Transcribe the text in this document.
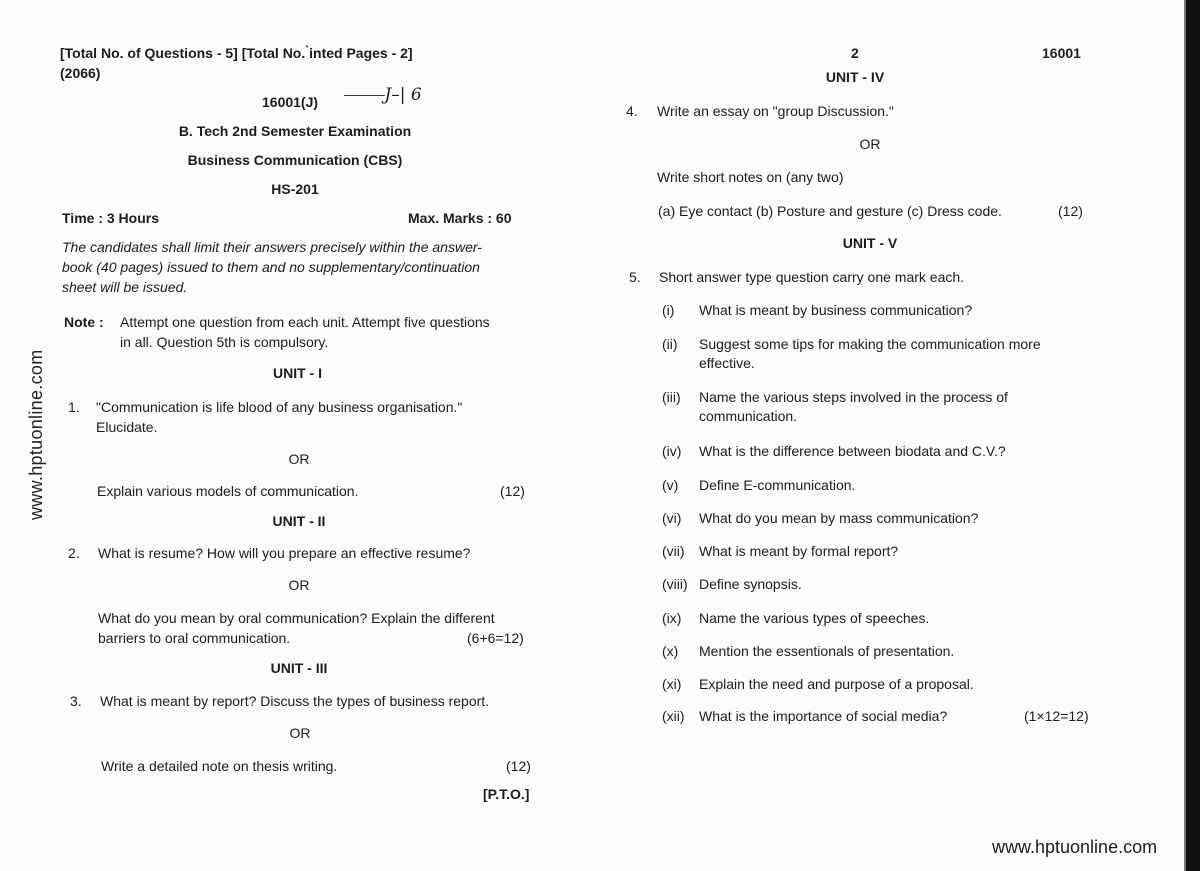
[Total No. of Questions - 5] [Total No. ̀inted Pages - 2]
(2066)
16001(J) ⸻J–| 6
B. Tech 2nd Semester Examination
Business Communication (CBS)
HS-201
Time : 3 Hours	Max. Marks : 60
The candidates shall limit their answers precisely within the answer-
book (40 pages) issued to them and no supplementary/continuation
sheet will be issued.
Note : Attempt one question from each unit. Attempt five questions
in all. Question 5th is compulsory.
UNIT - I
1. "Communication is life blood of any business organisation."
Elucidate.
OR
Explain various models of communication.	(12)
UNIT - II
2. What is resume? How will you prepare an effective resume?
OR
What do you mean by oral communication? Explain the different
barriers to oral communication.	(6+6=12)
UNIT - III
3. What is meant by report? Discuss the types of business report.
OR
Write a detailed note on thesis writing.	(12)
[P.T.O.]
www.hptuonline.com
2	16001
UNIT - IV
4. Write an essay on "group Discussion."
OR
Write short notes on (any two)
(a) Eye contact (b) Posture and gesture (c) Dress code.	(12)
UNIT - V
5. Short answer type question carry one mark each.
(i) What is meant by business communication?
(ii) Suggest some tips for making the communication more
effective.
(iii) Name the various steps involved in the process of
communication.
(iv) What is the difference between biodata and C.V.?
(v) Define E-communication.
(vi) What do you mean by mass communication?
(vii) What is meant by formal report?
(viii) Define synopsis.
(ix) Name the various types of speeches.
(x) Mention the essentionals of presentation.
(xi) Explain the need and purpose of a proposal.
(xii) What is the importance of social media?	(1×12=12)
www.hptuonline.com
